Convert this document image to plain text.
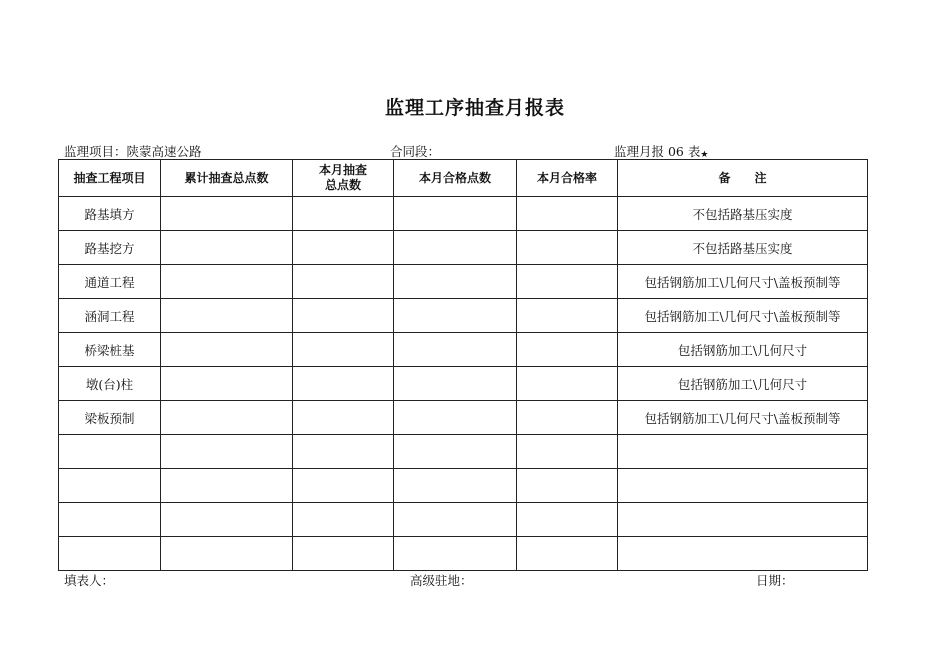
监理工序抽查月报表
监理项目：陕蒙高速公路	合同段：	监理月报 06 表★
抽查工程项目	累计抽查总点数	本月抽查
总点数	本月合格点数	本月合格率	备 注
路基填方					不包括路基压实度
路基挖方					不包括路基压实度
通道工程					包括钢筋加工\几何尺寸\盖板预制等
涵洞工程					包括钢筋加工\几何尺寸\盖板预制等
桥梁桩基					包括钢筋加工\几何尺寸
墩(台)柱					包括钢筋加工\几何尺寸
梁板预制					包括钢筋加工\几何尺寸\盖板预制等

填表人：	高级驻地：	日期：
